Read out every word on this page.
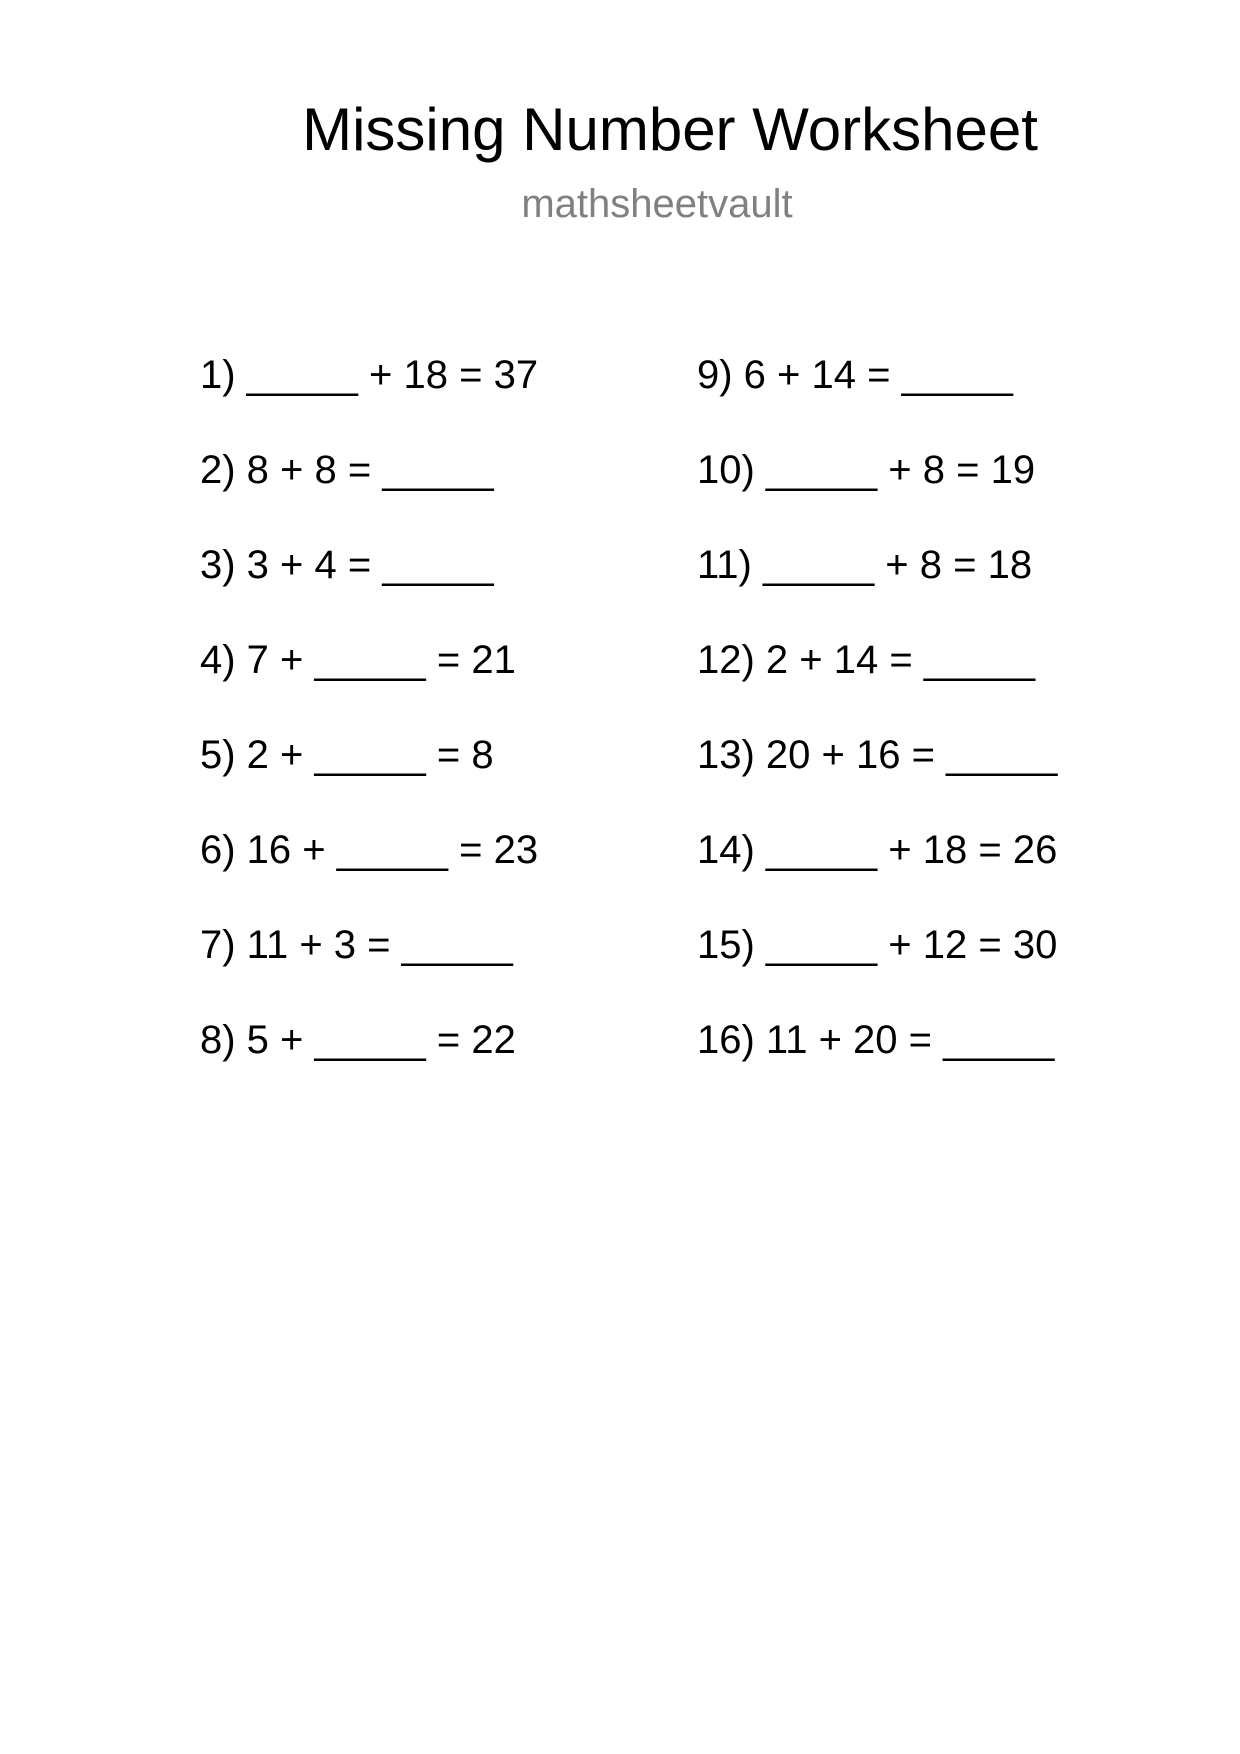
Missing Number Worksheet
mathsheetvault
1) _____ + 18 = 37
2) 8 + 8 = _____
3) 3 + 4 = _____
4) 7 + _____ = 21
5) 2 + _____ = 8
6) 16 + _____ = 23
7) 11 + 3 = _____
8) 5 + _____ = 22
9) 6 + 14 = _____
10) _____ + 8 = 19
11) _____ + 8 = 18
12) 2 + 14 = _____
13) 20 + 16 = _____
14) _____ + 18 = 26
15) _____ + 12 = 30
16) 11 + 20 = _____
